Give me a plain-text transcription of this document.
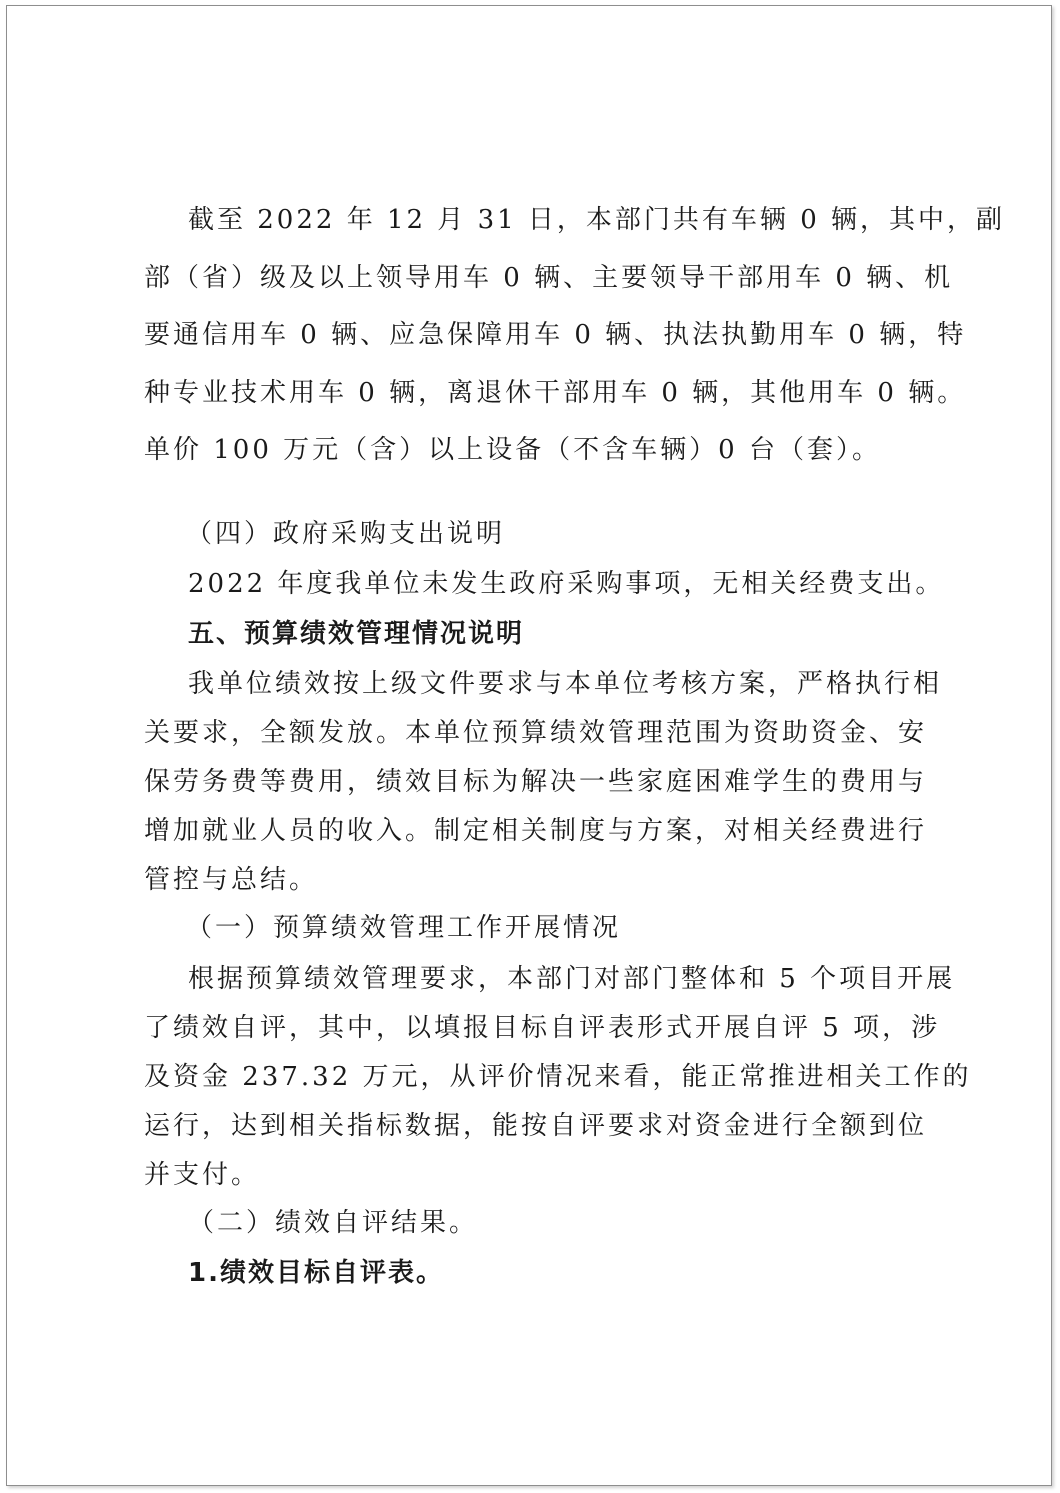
截至 2022 年 12 月 31 日，本部门共有车辆 0 辆，其中，副
部（省）级及以上领导用车 0 辆、主要领导干部用车 0 辆、机
要通信用车 0 辆、应急保障用车 0 辆、执法执勤用车 0 辆，特
种专业技术用车 0 辆，离退休干部用车 0 辆，其他用车 0 辆。
单价 100 万元（含）以上设备（不含车辆）0 台（套）。
（四）政府采购支出说明
2022 年度我单位未发生政府采购事项，无相关经费支出。
五、预算绩效管理情况说明
我单位绩效按上级文件要求与本单位考核方案，严格执行相
关要求，全额发放。本单位预算绩效管理范围为资助资金、安
保劳务费等费用，绩效目标为解决一些家庭困难学生的费用与
增加就业人员的收入。制定相关制度与方案，对相关经费进行
管控与总结。
（一）预算绩效管理工作开展情况
根据预算绩效管理要求，本部门对部门整体和 5 个项目开展
了绩效自评，其中，以填报目标自评表形式开展自评 5 项，涉
及资金 237.32 万元，从评价情况来看，能正常推进相关工作的
运行，达到相关指标数据，能按自评要求对资金进行全额到位
并支付。
（二）绩效自评结果。
1.绩效目标自评表。
